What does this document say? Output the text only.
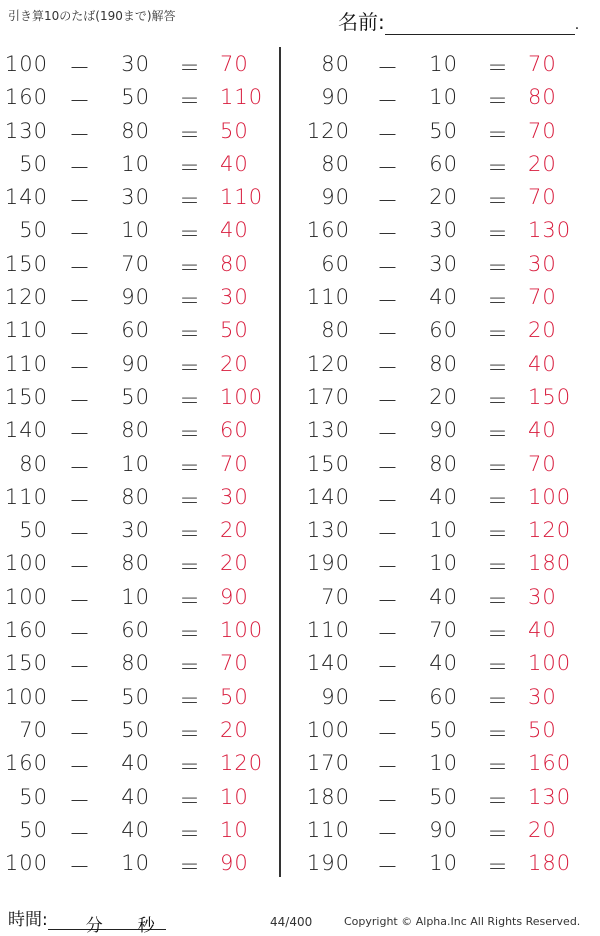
引き算10のたば(190まで)解答	名前:	.
100 －	30 ＝ 70
160 －	50 ＝ 110
130 －	80 ＝ 50
50 －	10 ＝ 40
140 －	30 ＝ 110
50 －	10 ＝ 40
150 －	70 ＝ 80
120 －	90 ＝ 30
110 －	60 ＝ 50
110 －	90 ＝ 20
150 －	50 ＝ 100
140 －	80 ＝ 60
80 －	10 ＝ 70
110 －	80 ＝ 30
50 －	30 ＝ 20
100 －	80 ＝ 20
100 －	10 ＝ 90
160 －	60 ＝ 100
150 －	80 ＝ 70
100 －	50 ＝ 50
70 －	50 ＝ 20
160 －	40 ＝ 120
50 －	40 ＝ 10
50 －	40 ＝ 10
100 －	10 ＝ 90
80 －	10 ＝ 70
90 －	10 ＝ 80
120 －	50 ＝ 70
80 －	60 ＝ 20
90 －	20 ＝ 70
160 －	30 ＝ 130
60 －	30 ＝ 30
110 －	40 ＝ 70
80 －	60 ＝ 20
120 －	80 ＝ 40
170 －	20 ＝ 150
130 －	90 ＝ 40
150 －	80 ＝ 70
140 －	40 ＝ 100
130 －	10 ＝ 120
190 －	10 ＝ 180
70 －	40 ＝ 30
110 －	70 ＝ 40
140 －	40 ＝ 100
90 －	60 ＝ 30
100 －	50 ＝ 50
170 －	10 ＝ 160
180 －	50 ＝ 130
110 －	90 ＝ 20
190 －	10 ＝ 180
時間: 分 秒	44/400	Copyright © Alpha.Inc All Rights Reserved.
